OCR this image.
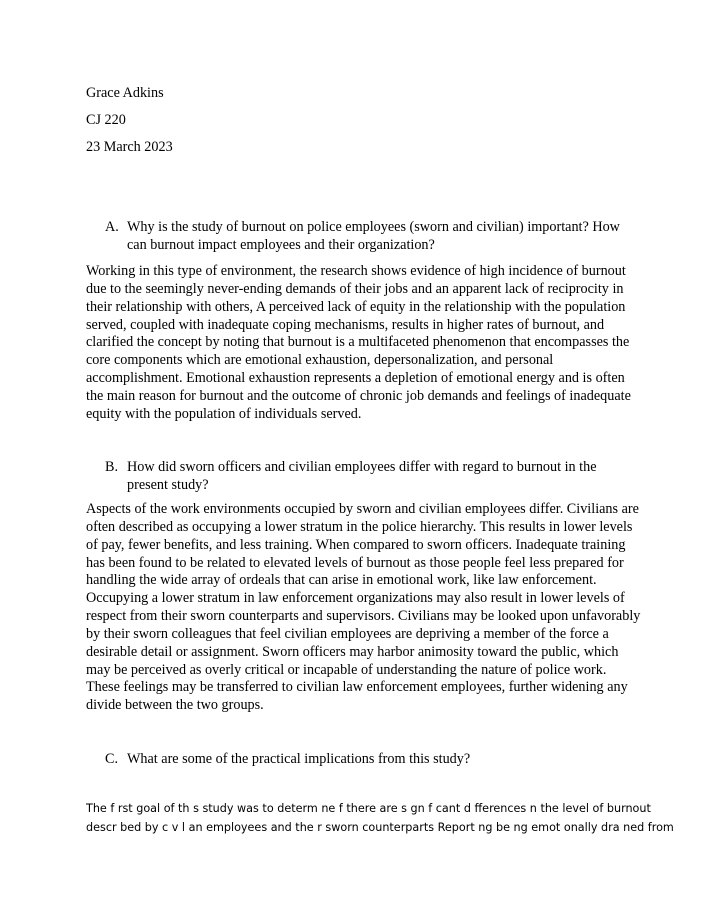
Grace Adkins
CJ 220
23 March 2023
A. Why is the study of burnout on police employees (sworn and civilian) important? How can burnout impact employees and their organization?
Working in this type of environment, the research shows evidence of high incidence of burnout due to the seemingly never-ending demands of their jobs and an apparent lack of reciprocity in their relationship with others, A perceived lack of equity in the relationship with the population served, coupled with inadequate coping mechanisms, results in higher rates of burnout, and clarified the concept by noting that burnout is a multifaceted phenomenon that encompasses the core components which are emotional exhaustion, depersonalization, and personal accomplishment. Emotional exhaustion represents a depletion of emotional energy and is often the main reason for burnout and the outcome of chronic job demands and feelings of inadequate equity with the population of individuals served.
B. How did sworn officers and civilian employees differ with regard to burnout in the present study?
Aspects of the work environments occupied by sworn and civilian employees differ. Civilians are often described as occupying a lower stratum in the police hierarchy. This results in lower levels of pay, fewer benefits, and less training. When compared to sworn officers. Inadequate training has been found to be related to elevated levels of burnout as those people feel less prepared for handling the wide array of ordeals that can arise in emotional work, like law enforcement. Occupying a lower stratum in law enforcement organizations may also result in lower levels of respect from their sworn counterparts and supervisors. Civilians may be looked upon unfavorably by their sworn colleagues that feel civilian employees are depriving a member of the force a desirable detail or assignment. Sworn officers may harbor animosity toward the public, which may be perceived as overly critical or incapable of understanding the nature of police work. These feelings may be transferred to civilian law enforcement employees, further widening any divide between the two groups.
C. What are some of the practical implications from this study?
The f rst goal of th s study was to determ ne f there are s gn f cant d fferences n the level of burnout
descr bed by c v l an employees and the r sworn counterparts Report ng be ng emot onally dra ned from
